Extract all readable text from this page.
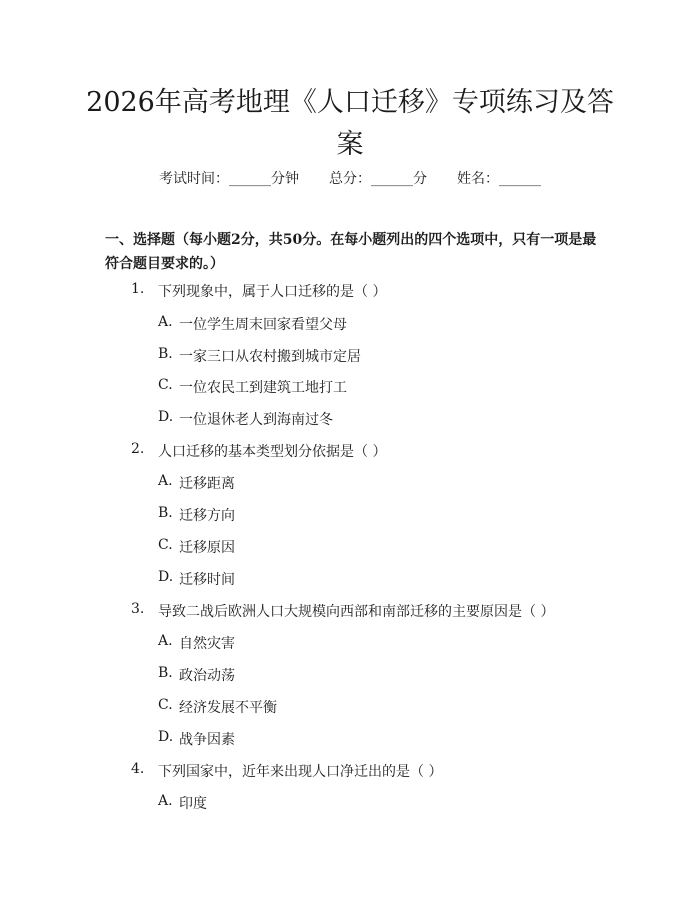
2026年高考地理《人口迁移》专项练习及答案
考试时间：______分钟 总分：______分 姓名：______

一、选择题（每小题2分，共50分。在每小题列出的四个选项中，只有一项是最符合题目要求的。）

1. 下列现象中，属于人口迁移的是（ ）
A. 一位学生周末回家看望父母
B. 一家三口从农村搬到城市定居
C. 一位农民工到建筑工地打工
D. 一位退休老人到海南过冬
2. 人口迁移的基本类型划分依据是（ ）
A. 迁移距离
B. 迁移方向
C. 迁移原因
D. 迁移时间
3. 导致二战后欧洲人口大规模向西部和南部迁移的主要原因是（ ）
A. 自然灾害
B. 政治动荡
C. 经济发展不平衡
D. 战争因素
4. 下列国家中，近年来出现人口净迁出的是（ ）
A. 印度
